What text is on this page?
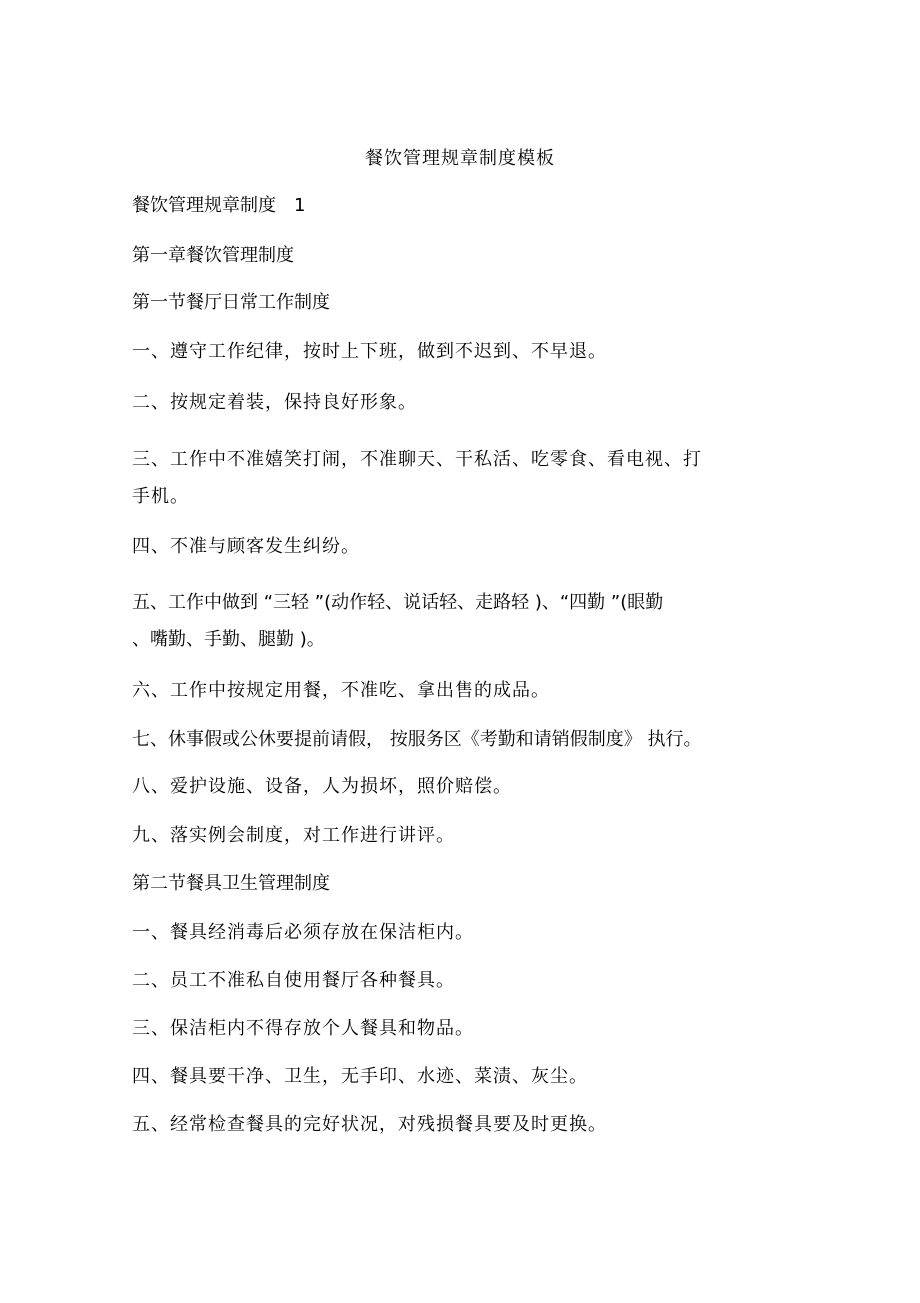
餐饮管理规章制度模板
餐饮管理规章制度 1
第一章餐饮管理制度
第一节餐厅日常工作制度
一、遵守工作纪律，按时上下班，做到不迟到、不早退。
二、按规定着装，保持良好形象。
三、工作中不准嬉笑打闹，不准聊天、干私活、吃零食、看电视、打
手机。
四、不准与顾客发生纠纷。
五、工作中做到 “三轻 ”(动作轻、说话轻、走路轻 )、“四勤 ”(眼勤
、嘴勤、手勤、腿勤 )。
六、工作中按规定用餐，不准吃、拿出售的成品。
七、休事假或公休要提前请假， 按服务区《考勤和请销假制度》 执行。
八、爱护设施、设备，人为损坏，照价赔偿。
九、落实例会制度，对工作进行讲评。
第二节餐具卫生管理制度
一、餐具经消毒后必须存放在保洁柜内。
二、员工不准私自使用餐厅各种餐具。
三、保洁柜内不得存放个人餐具和物品。
四、餐具要干净、卫生，无手印、水迹、菜渍、灰尘。
五、经常检查餐具的完好状况，对残损餐具要及时更换。
